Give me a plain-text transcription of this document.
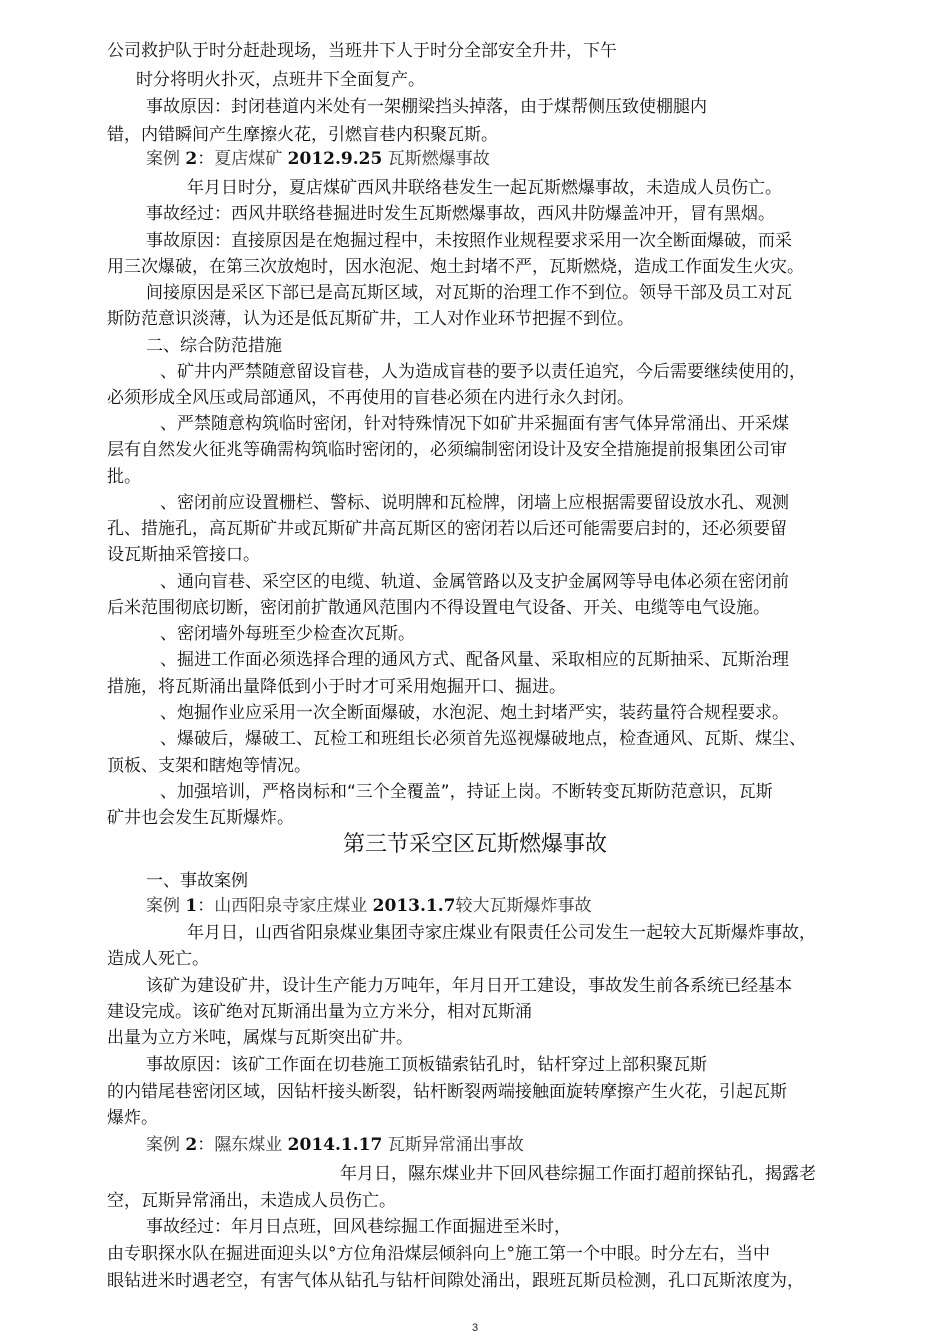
公司救护队于时分赶赴现场，当班井下人于时分全部安全升井，下午
时分将明火扑灭，点班井下全面复产。
事故原因：封闭巷道内米处有一架棚梁挡头掉落，由于煤帮侧压致使棚腿内
错，内错瞬间产生摩擦火花，引燃盲巷内积聚瓦斯。
案例 2：夏店煤矿 2012.9.25 瓦斯燃爆事故
年月日时分，夏店煤矿西风井联络巷发生一起瓦斯燃爆事故，未造成人员伤亡。
事故经过：西风井联络巷掘进时发生瓦斯燃爆事故，西风井防爆盖冲开，冒有黑烟。
事故原因：直接原因是在炮掘过程中，未按照作业规程要求采用一次全断面爆破，而采
用三次爆破，在第三次放炮时，因水泡泥、炮土封堵不严，瓦斯燃烧，造成工作面发生火灾。
间接原因是采区下部已是高瓦斯区域，对瓦斯的治理工作不到位。领导干部及员工对瓦
斯防范意识淡薄，认为还是低瓦斯矿井，工人对作业环节把握不到位。
二、综合防范措施
、矿井内严禁随意留设盲巷，人为造成盲巷的要予以责任追究，今后需要继续使用的，
必须形成全风压或局部通风，不再使用的盲巷必须在内进行永久封闭。
、严禁随意构筑临时密闭，针对特殊情况下如矿井采掘面有害气体异常涌出、开采煤
层有自然发火征兆等确需构筑临时密闭的，必须编制密闭设计及安全措施提前报集团公司审
批。
、密闭前应设置栅栏、警标、说明牌和瓦检牌，闭墙上应根据需要留设放水孔、观测
孔、措施孔，高瓦斯矿井或瓦斯矿井高瓦斯区的密闭若以后还可能需要启封的，还必须要留
设瓦斯抽采管接口。
、通向盲巷、采空区的电缆、轨道、金属管路以及支护金属网等导电体必须在密闭前
后米范围彻底切断，密闭前扩散通风范围内不得设置电气设备、开关、电缆等电气设施。
、密闭墙外每班至少检查次瓦斯。
、掘进工作面必须选择合理的通风方式、配备风量、采取相应的瓦斯抽采、瓦斯治理
措施，将瓦斯涌出量降低到小于时才可采用炮掘开口、掘进。
、炮掘作业应采用一次全断面爆破，水泡泥、炮土封堵严实，装药量符合规程要求。
、爆破后，爆破工、瓦检工和班组长必须首先巡视爆破地点，检查通风、瓦斯、煤尘、
顶板、支架和瞎炮等情况。
、加强培训，严格岗标和“三个全覆盖”，持证上岗。不断转变瓦斯防范意识，瓦斯
矿井也会发生瓦斯爆炸。
第三节采空区瓦斯燃爆事故
一、事故案例
案例 1：山西阳泉寺家庄煤业 2013.1.7较大瓦斯爆炸事故
年月日，山西省阳泉煤业集团寺家庄煤业有限责任公司发生一起较大瓦斯爆炸事故，
造成人死亡。
该矿为建设矿井，设计生产能力万吨年，年月日开工建设，事故发生前各系统已经基本
建设完成。该矿绝对瓦斯涌出量为立方米分，相对瓦斯涌
出量为立方米吨，属煤与瓦斯突出矿井。
事故原因：该矿工作面在切巷施工顶板锚索钻孔时，钻杆穿过上部积聚瓦斯
的内错尾巷密闭区域，因钻杆接头断裂，钻杆断裂两端接触面旋转摩擦产生火花，引起瓦斯
爆炸。
案例 2：隰东煤业 2014.1.17 瓦斯异常涌出事故
年月日，隰东煤业井下回风巷综掘工作面打超前探钻孔，揭露老
空，瓦斯异常涌出，未造成人员伤亡。
事故经过：年月日点班，回风巷综掘工作面掘进至米时，
由专职探水队在掘进面迎头以°方位角沿煤层倾斜向上°施工第一个中眼。时分左右，当中
眼钻进米时遇老空，有害气体从钻孔与钻杆间隙处涌出，跟班瓦斯员检测，孔口瓦斯浓度为，
3
